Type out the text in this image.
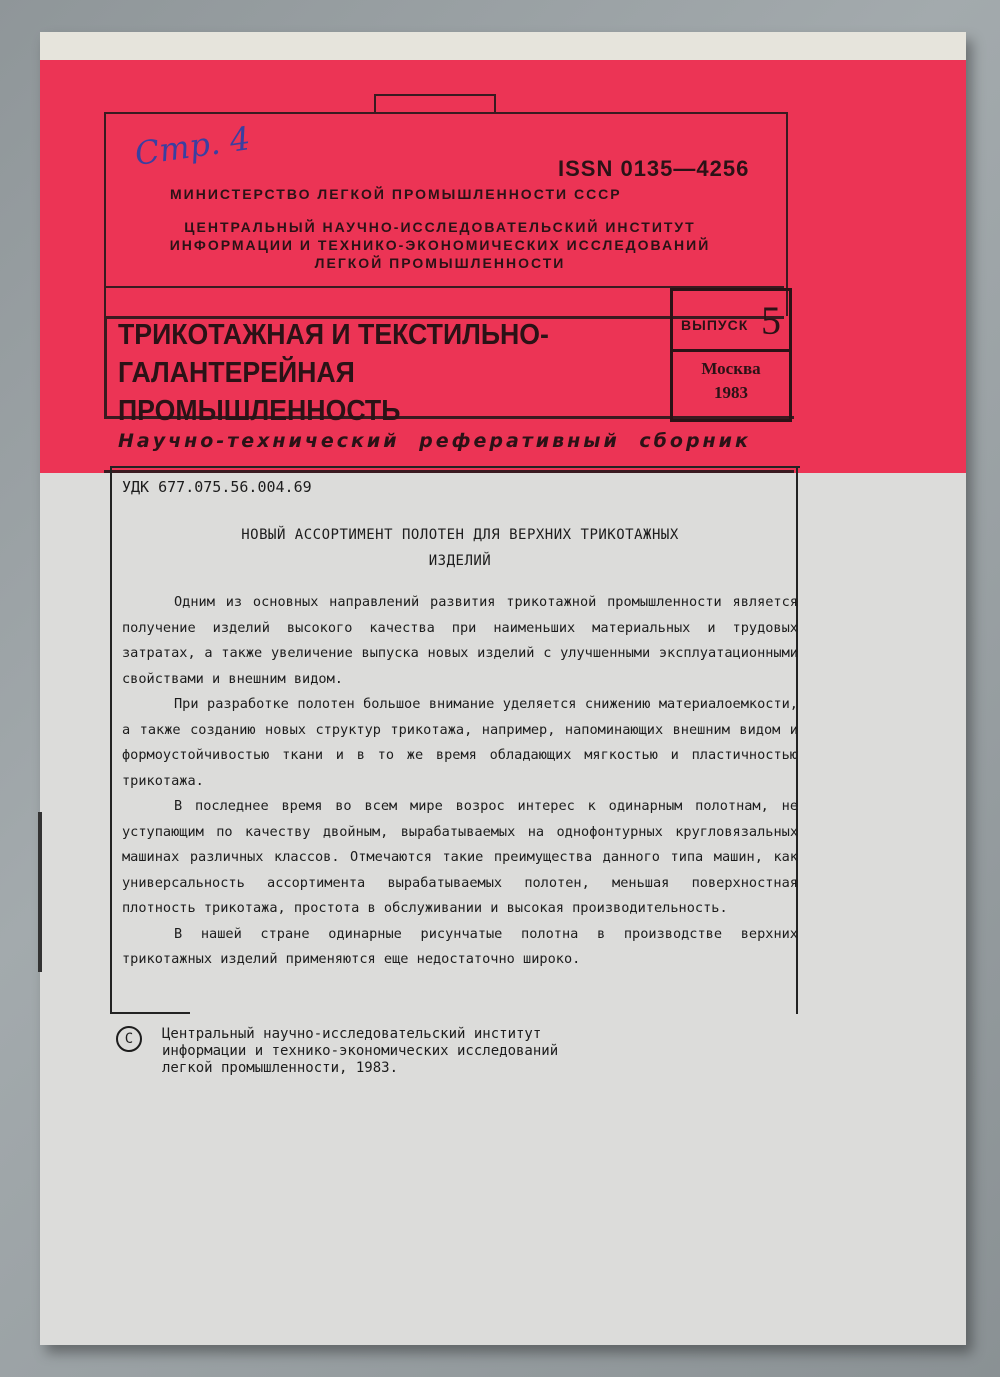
Стр. 4	ISSN 0135—4256
МИНИСТЕРСТВО ЛЕГКОЙ ПРОМЫШЛЕННОСТИ СССР
ЦЕНТРАЛЬНЫЙ НАУЧНО-ИССЛЕДОВАТЕЛЬСКИЙ ИНСТИТУТ
ИНФОРМАЦИИ И ТЕХНИКО-ЭКОНОМИЧЕСКИХ ИССЛЕДОВАНИЙ
ЛЕГКОЙ ПРОМЫШЛЕННОСТИ
ТРИКОТАЖНАЯ И ТЕКСТИЛЬНО-
ГАЛАНТЕРЕЙНАЯ ПРОМЫШЛЕННОСТЬ
ВЫПУСК 5
Москва
1983
Научно-технический реферативный сборник
УДК 677.075.56.004.69
НОВЫЙ АССОРТИМЕНТ ПОЛОТЕН ДЛЯ ВЕРХНИХ ТРИКОТАЖНЫХ
ИЗДЕЛИЙ

Одним из основных направлений развития трикотажной промышленности является получение изделий высокого качества при наименьших материальных и трудовых затратах, а также увеличение выпуска новых изделий с улучшенными эксплуатационными свойствами и внешним видом.

При разработке полотен большое внимание уделяется снижению материалоемкости, а также созданию новых структур трикотажа, например, напоминающих внешним видом и формоустойчивостью ткани и в то же время обладающих мягкостью и пластичностью трикотажа.

В последнее время во всем мире возрос интерес к одинарным полотнам, не уступающим по качеству двойным, вырабатываемых на однофонтурных кругловязальных машинах различных классов. Отмечаются такие преимущества данного типа машин, как универсальность ассортимента вырабатываемых полотен, меньшая поверхностная плотность трикотажа, простота в обслуживании и высокая производительность.

В нашей стране одинарные рисунчатые полотна в производстве верхних трикотажных изделий применяются еще недостаточно широко.

C	Центральный научно-исследовательский институт
информации и технико-экономических исследований
легкой промышленности, 1983.
